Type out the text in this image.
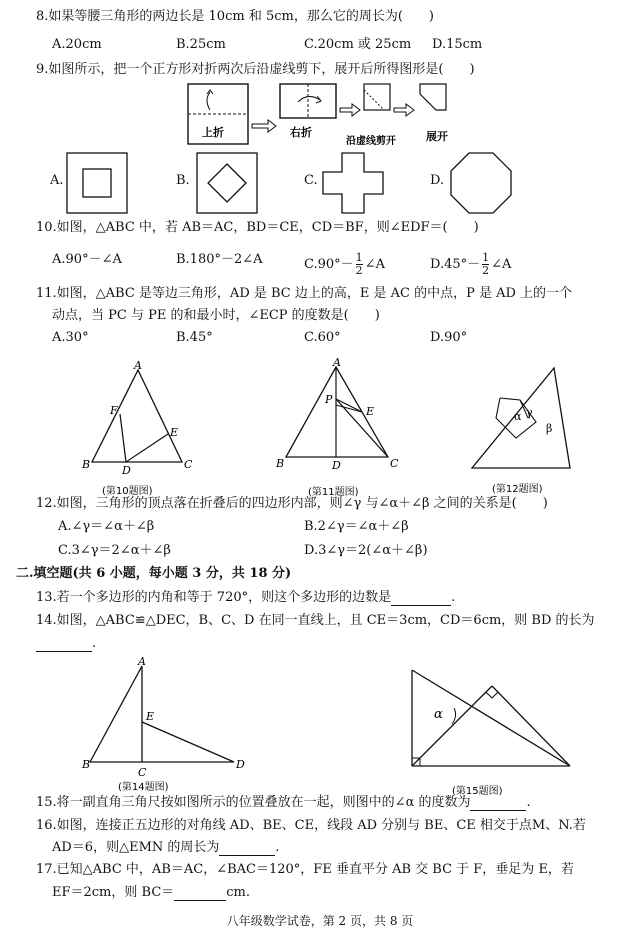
8.如果等腰三角形的两边长是 10cm 和 5cm，那么它的周长为(　　)
A.20cm	B.25cm	C.20cm 或 25cm D.15cm
9.如图所示，把一个正方形对折两次后沿虚线剪下，展开后所得图形是(　　)
上折	右折
沿虚线剪开	展开
A.	B.	C.	D.
10.如图，△ABC 中，若 AB＝AC，BD＝CE，CD＝BF，则∠EDF＝(　　)
A.90°－∠A	B.180°－2∠A	$C.90^\circ- \frac{1}{2}$ ∠A	$D.45^\circ- \frac{1}{2}$ ∠A
11.如图，△ABC 是等边三角形，AD 是 BC 边上的高，E 是 AC 的中点，P 是 AD 上的一个
动点，当 PC 与 PE 的和最小时，∠ECP 的度数是(　　)
A.30°	B.45°	C.60°	D.90°
A
F
E
B	D	C
(第10题图)
A
P
E
B	D	C
(第11题图)
α γ
β
(第12题图)
12.如图，三角形的顶点落在折叠后的四边形内部，则∠γ 与∠α＋∠β 之间的关系是(　　)
A.∠γ＝∠α＋∠β	B.2∠γ＝∠α＋∠β
C.3∠γ＝2∠α＋∠β	D.3∠γ＝2(∠α＋∠β)
二.填空题(共 6 小题，每小题 3 分，共 18 分)
13.若一个多边形的内角和等于 720°，则这个多边形的边数是	.
14.如图，△ABC≌△DEC，B、C、D 在同一直线上，且 CE＝3cm，CD＝6cm，则 BD 的长为
.
A
E
B
C
D
(第14题图)
α
(第15题图)
15.将一副直角三角尺按如图所示的位置叠放在一起，则图中的∠α 的度数为	.
16.如图，连接正五边形的对角线 AD、BE、CE，线段 AD 分别与 BE、CE 相交于点M、N.若
AD＝6，则△EMN 的周长为	.
17.已知△ABC 中，AB＝AC，∠BAC＝120°，FE 垂直平分 AB 交 BC 于 F，垂足为 E，若
EF＝2cm，则 BC＝	cm.
八年级数学试卷，第 2 页，共 8 页
